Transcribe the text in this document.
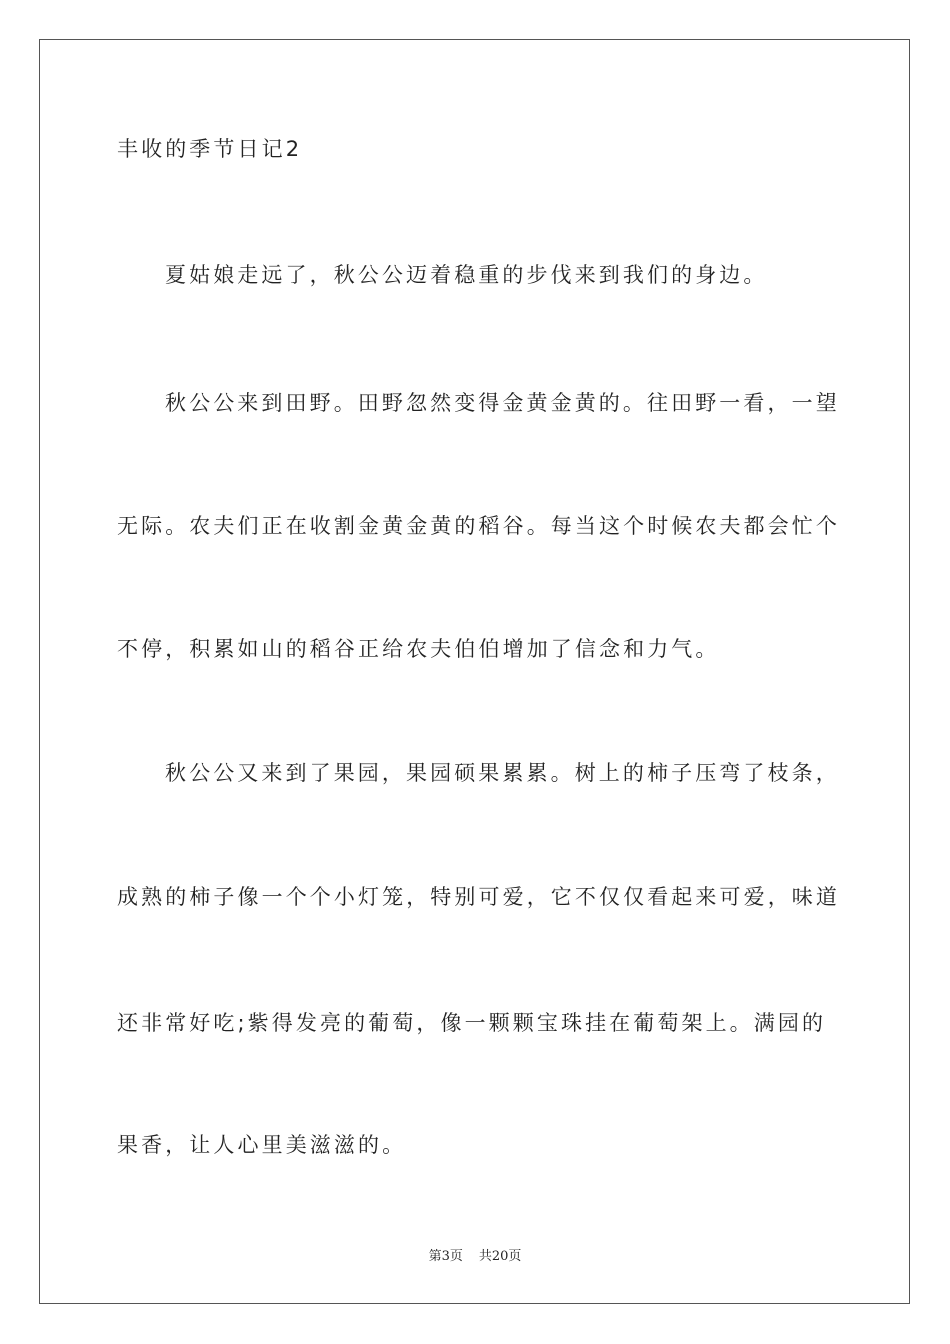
丰收的季节日记2

夏姑娘走远了，秋公公迈着稳重的步伐来到我们的身边。

秋公公来到田野。田野忽然变得金黄金黄的。往田野一看，一望

无际。农夫们正在收割金黄金黄的稻谷。每当这个时候农夫都会忙个

不停，积累如山的稻谷正给农夫伯伯增加了信念和力气。

秋公公又来到了果园，果园硕果累累。树上的柿子压弯了枝条，

成熟的柿子像一个个小灯笼，特别可爱，它不仅仅看起来可爱，味道

还非常好吃;紫得发亮的葡萄，像一颗颗宝珠挂在葡萄架上。满园的

果香，让人心里美滋滋的。

第3页 共20页
